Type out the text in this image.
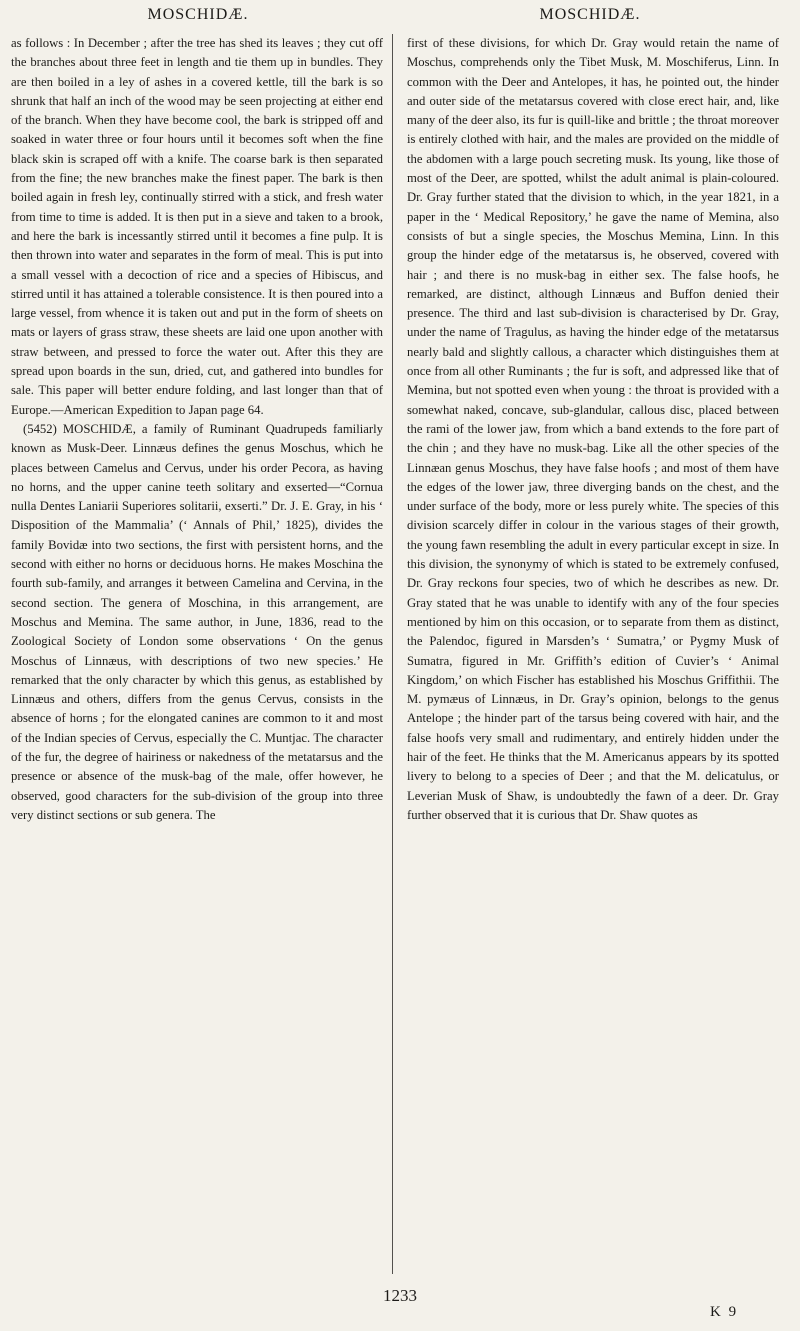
MOSCHIDÆ.	MOSCHIDÆ.

as follows : In December ; after the tree has shed its leaves ; they cut off the branches about three feet in length and tie them up in bundles. They are then boiled in a ley of ashes in a covered kettle, till the bark is so shrunk that half an inch of the wood may be seen projecting at either end of the branch. When they have become cool, the bark is stripped off and soaked in water three or four hours until it becomes soft when the fine black skin is scraped off with a knife. The coarse bark is then separated from the fine; the new branches make the finest paper. The bark is then boiled again in fresh ley, continually stirred with a stick, and fresh water from time to time is added. It is then put in a sieve and taken to a brook, and here the bark is incessantly stirred until it becomes a fine pulp. It is then thrown into water and separates in the form of meal. This is put into a small vessel with a decoction of rice and a species of Hibiscus, and stirred until it has attained a tolerable consistence. It is then poured into a large vessel, from whence it is taken out and put in the form of sheets on mats or layers of grass straw, these sheets are laid one upon another with straw between, and pressed to force the water out. After this they are spread upon boards in the sun, dried, cut, and gathered into bundles for sale. This paper will better endure folding, and last longer than that of Europe.—American Expedition to Japan page 64.

(5452) MOSCHIDÆ, a family of Ruminant Quadrupeds familiarly known as Musk-Deer. Linnæus defines the genus Moschus, which he places between Camelus and Cervus, under his order Pecora, as having no horns, and the upper canine teeth solitary and exserted—“Cornua nulla Dentes Laniarii Superiores solitarii, exserti.” Dr. J. E. Gray, in his ‘ Disposition of the Mammalia’ (‘ Annals of Phil,’ 1825), divides the family Bovidæ into two sections, the first with persistent horns, and the second with either no horns or deciduous horns. He makes Moschina the fourth sub-family, and arranges it between Camelina and Cervina, in the second section. The genera of Moschina, in this arrangement, are Moschus and Memina. The same author, in June, 1836, read to the Zoological Society of London some observations ‘ On the genus Moschus of Linnæus, with descriptions of two new species.’ He remarked that the only character by which this genus, as established by Linnæus and others, differs from the genus Cervus, consists in the absence of horns ; for the elongated canines are common to it and most of the Indian species of Cervus, especially the C. Muntjac. The character of the fur, the degree of hairiness or nakedness of the metatarsus and the presence or absence of the musk-bag of the male, offer however, he observed, good characters for the sub-division of the group into three very distinct sections or sub genera. The

first of these divisions, for which Dr. Gray would retain the name of Moschus, comprehends only the Tibet Musk, M. Moschiferus, Linn. In common with the Deer and Antelopes, it has, he pointed out, the hinder and outer side of the metatarsus covered with close erect hair, and, like many of the deer also, its fur is quill-like and brittle ; the throat moreover is entirely clothed with hair, and the males are provided on the middle of the abdomen with a large pouch secreting musk. Its young, like those of most of the Deer, are spotted, whilst the adult animal is plain-coloured. Dr. Gray further stated that the division to which, in the year 1821, in a paper in the ‘ Medical Repository,’ he gave the name of Memina, also consists of but a single species, the Moschus Memina, Linn. In this group the hinder edge of the metatarsus is, he observed, covered with hair ; and there is no musk-bag in either sex. The false hoofs, he remarked, are distinct, although Linnæus and Buffon denied their presence. The third and last sub-division is characterised by Dr. Gray, under the name of Tragulus, as having the hinder edge of the metatarsus nearly bald and slightly callous, a character which distinguishes them at once from all other Ruminants ; the fur is soft, and adpressed like that of Memina, but not spotted even when young : the throat is provided with a somewhat naked, concave, sub-glandular, callous disc, placed between the rami of the lower jaw, from which a band extends to the fore part of the chin ; and they have no musk-bag. Like all the other species of the Linnæan genus Moschus, they have false hoofs ; and most of them have the edges of the lower jaw, three diverging bands on the chest, and the under surface of the body, more or less purely white. The species of this division scarcely differ in colour in the various stages of their growth, the young fawn resembling the adult in every particular except in size. In this division, the synonymy of which is stated to be extremely confused, Dr. Gray reckons four species, two of which he describes as new. Dr. Gray stated that he was unable to identify with any of the four species mentioned by him on this occasion, or to separate from them as distinct, the Palendoc, figured in Marsden’s ‘ Sumatra,’ or Pygmy Musk of Sumatra, figured in Mr. Griffith’s edition of Cuvier’s ‘ Animal Kingdom,’ on which Fischer has established his Moschus Griffithii. The M. pymæus of Linnæus, in Dr. Gray’s opinion, belongs to the genus Antelope ; the hinder part of the tarsus being covered with hair, and the false hoofs very small and rudimentary, and entirely hidden under the hair of the feet. He thinks that the M. Americanus appears by its spotted livery to belong to a species of Deer ; and that the M. delicatulus, or Leverian Musk of Shaw, is undoubtedly the fawn of a deer. Dr. Gray further observed that it is curious that Dr. Shaw quotes as

1233
K 9
